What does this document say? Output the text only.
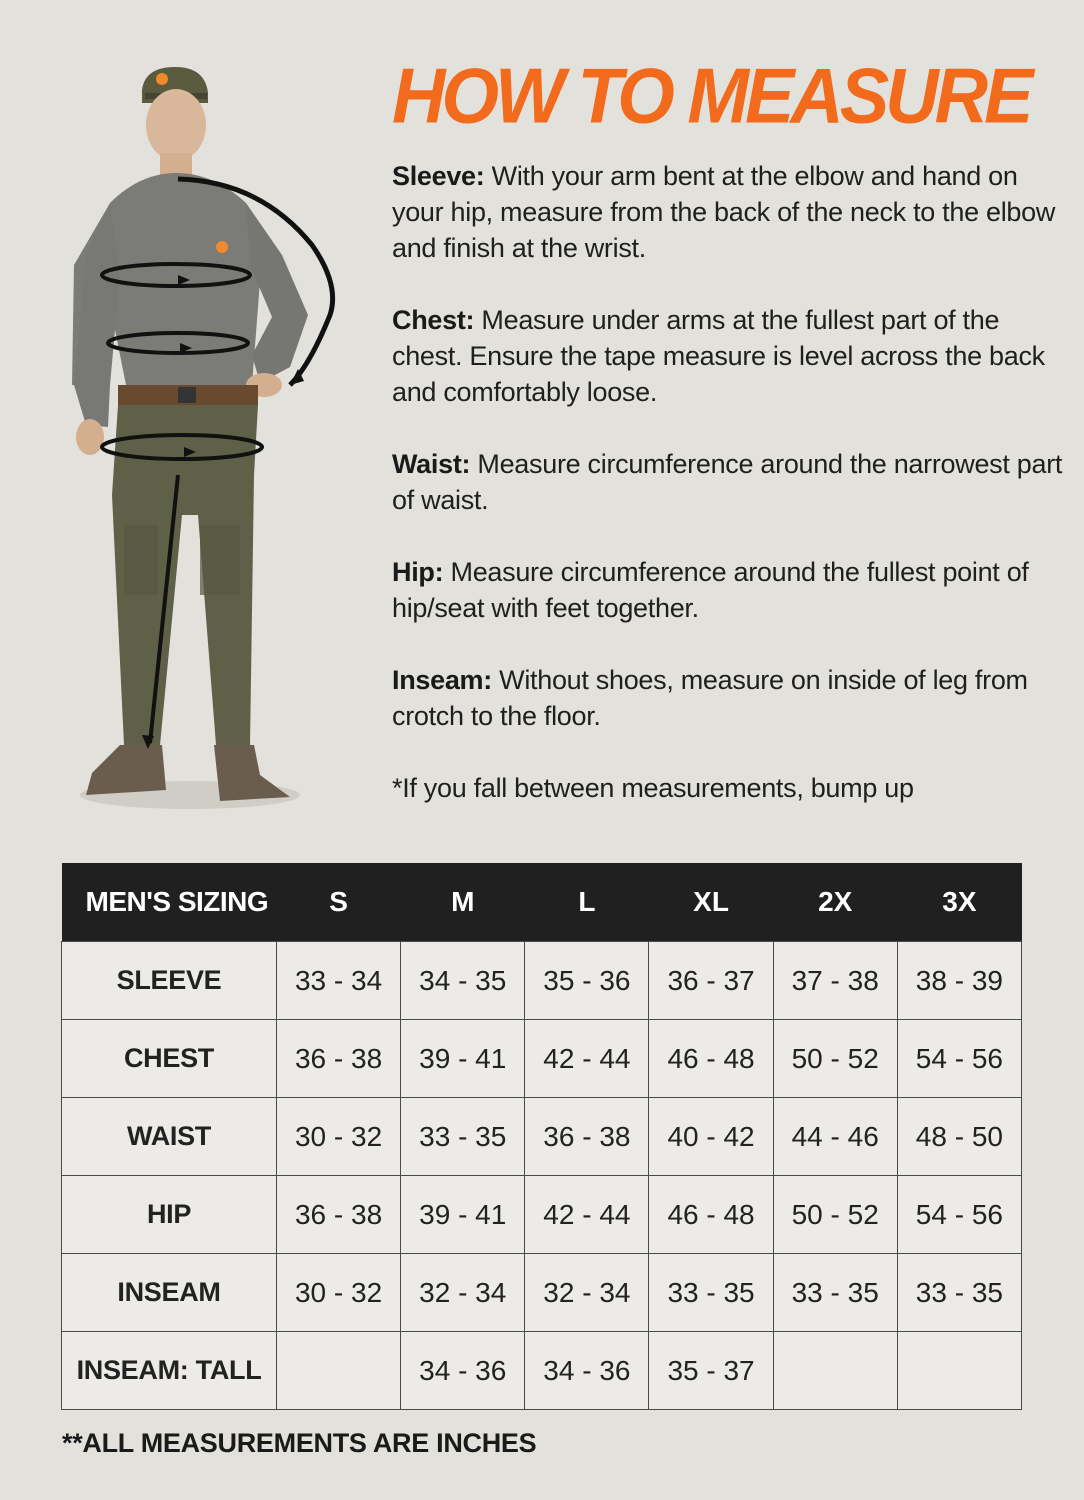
HOW TO MEASURE

Sleeve: With your arm bent at the elbow and hand on your hip, measure from the back of the neck to the elbow and finish at the wrist.

Chest: Measure under arms at the fullest part of the chest. Ensure the tape measure is level across the back and comfortably loose.

Waist: Measure circumference around the narrowest part of waist.

Hip: Measure circumference around the fullest point of hip/seat with feet together.

Inseam: Without shoes, measure on inside of leg from crotch to the floor.

*If you fall between measurements, bump up

MEN'S SIZING	S	M	L	XL	2X	3X
SLEEVE	33 - 34	34 - 35	35 - 36	36 - 37	37 - 38	38 - 39
CHEST	36 - 38	39 - 41	42 - 44	46 - 48	50 - 52	54 - 56
WAIST	30 - 32	33 - 35	36 - 38	40 - 42	44 - 46	48 - 50
HIP	36 - 38	39 - 41	42 - 44	46 - 48	50 - 52	54 - 56
INSEAM	30 - 32	32 - 34	32 - 34	33 - 35	33 - 35	33 - 35
INSEAM: TALL		34 - 36	34 - 36	35 - 37		
**ALL MEASUREMENTS ARE INCHES
